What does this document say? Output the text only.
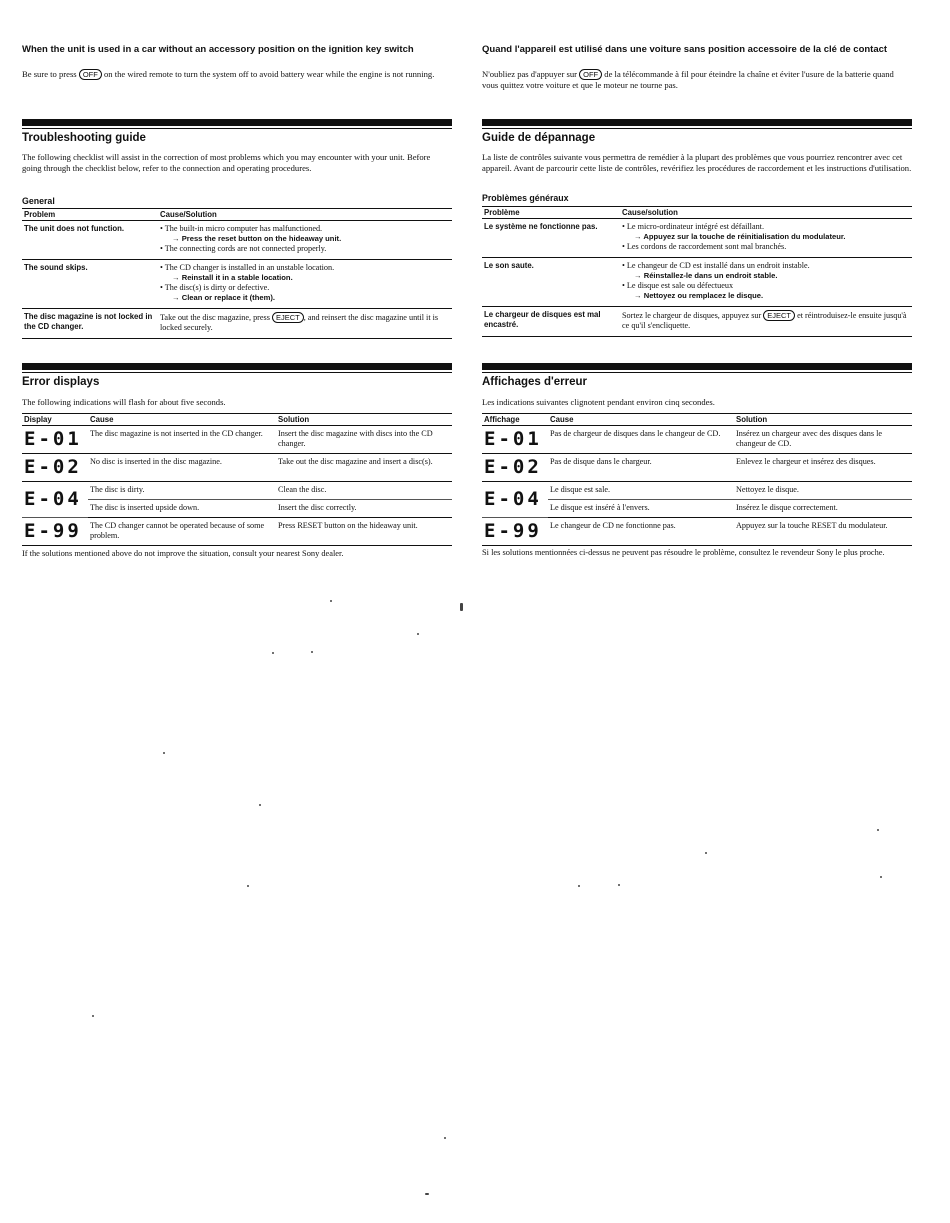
When the unit is used in a car without an accessory position on the ignition key switch
Be sure to press OFF on the wired remote to turn the system off to avoid battery wear while the engine is not running.
Troubleshooting guide
The following checklist will assist in the correction of most problems which you may encounter with your unit. Before going through the checklist below, refer to the connection and operating procedures.
General
Problem	Cause/Solution
The unit does not function.	• The built-in micro computer has malfunctioned.
→ Press the reset button on the hideaway unit.
• The connecting cords are not connected properly.

The sound skips.	• The CD changer is installed in an unstable location.
→ Reinstall it in a stable location.
• The disc(s) is dirty or defective.
→ Clean or replace it (them).

The disc magazine is not locked in the CD changer.	Take out the disc magazine, press EJECT , and reinsert the disc magazine until it is locked securely.
Error displays
The following indications will flash for about five seconds.
Display	Cause	Solution
E-01	The disc magazine is not inserted in the CD changer.	Insert the disc magazine with discs into the CD changer.
E-02	No disc is inserted in the disc magazine.	Take out the disc magazine and insert a disc(s).
E-04	The disc is dirty.	Clean the disc.
	The disc is inserted upside down.	Insert the disc correctly.
E-99	The CD changer cannot be operated because of some problem.	Press RESET button on the hideaway unit.
If the solutions mentioned above do not improve the situation, consult your nearest Sony dealer.
Quand l'appareil est utilisé dans une voiture sans position accessoire de la clé de contact
N'oubliez pas d'appuyer sur OFF de la télécommande à fil pour éteindre la chaîne et éviter l'usure de la batterie quand vous quittez votre voiture et que le moteur ne tourne pas.
Guide de dépannage
La liste de contrôles suivante vous permettra de remédier à la plupart des problèmes que vous pourriez rencontrer avec cet appareil. Avant de parcourir cette liste de contrôles, revérifiez les procédures de raccordement et les instructions d'utilisation.
Problèmes généraux
Problème	Cause/solution
Le système ne fonctionne pas.	• Le micro-ordinateur intégré est défaillant.
→ Appuyez sur la touche de réinitialisation du modulateur.
• Les cordons de raccordement sont mal branchés.

Le son saute.	• Le changeur de CD est installé dans un endroit instable.
→ Réinstallez-le dans un endroit stable.
• Le disque est sale ou défectueux
→ Nettoyez ou remplacez le disque.

Le chargeur de disques est mal encastré.	Sortez le chargeur de disques, appuyez sur EJECT et réintroduisez-le ensuite jusqu'à ce qu'il s'encliquette.
Affichages d'erreur
Les indications suivantes clignotent pendant environ cinq secondes.
Affichage	Cause	Solution
E-01	Pas de chargeur de disques dans le changeur de CD.	Insérez un chargeur avec des disques dans le changeur de CD.
E-02	Pas de disque dans le chargeur.	Enlevez le chargeur et insérez des disques.
E-04	Le disque est sale.	Nettoyez le disque.
	Le disque est inséré à l'envers.	Insérez le disque correctement.
E-99	Le changeur de CD ne fonctionne pas.	Appuyez sur la touche RESET du modulateur.
Si les solutions mentionnées ci-dessus ne peuvent pas résoudre le problème, consultez le revendeur Sony le plus proche.
